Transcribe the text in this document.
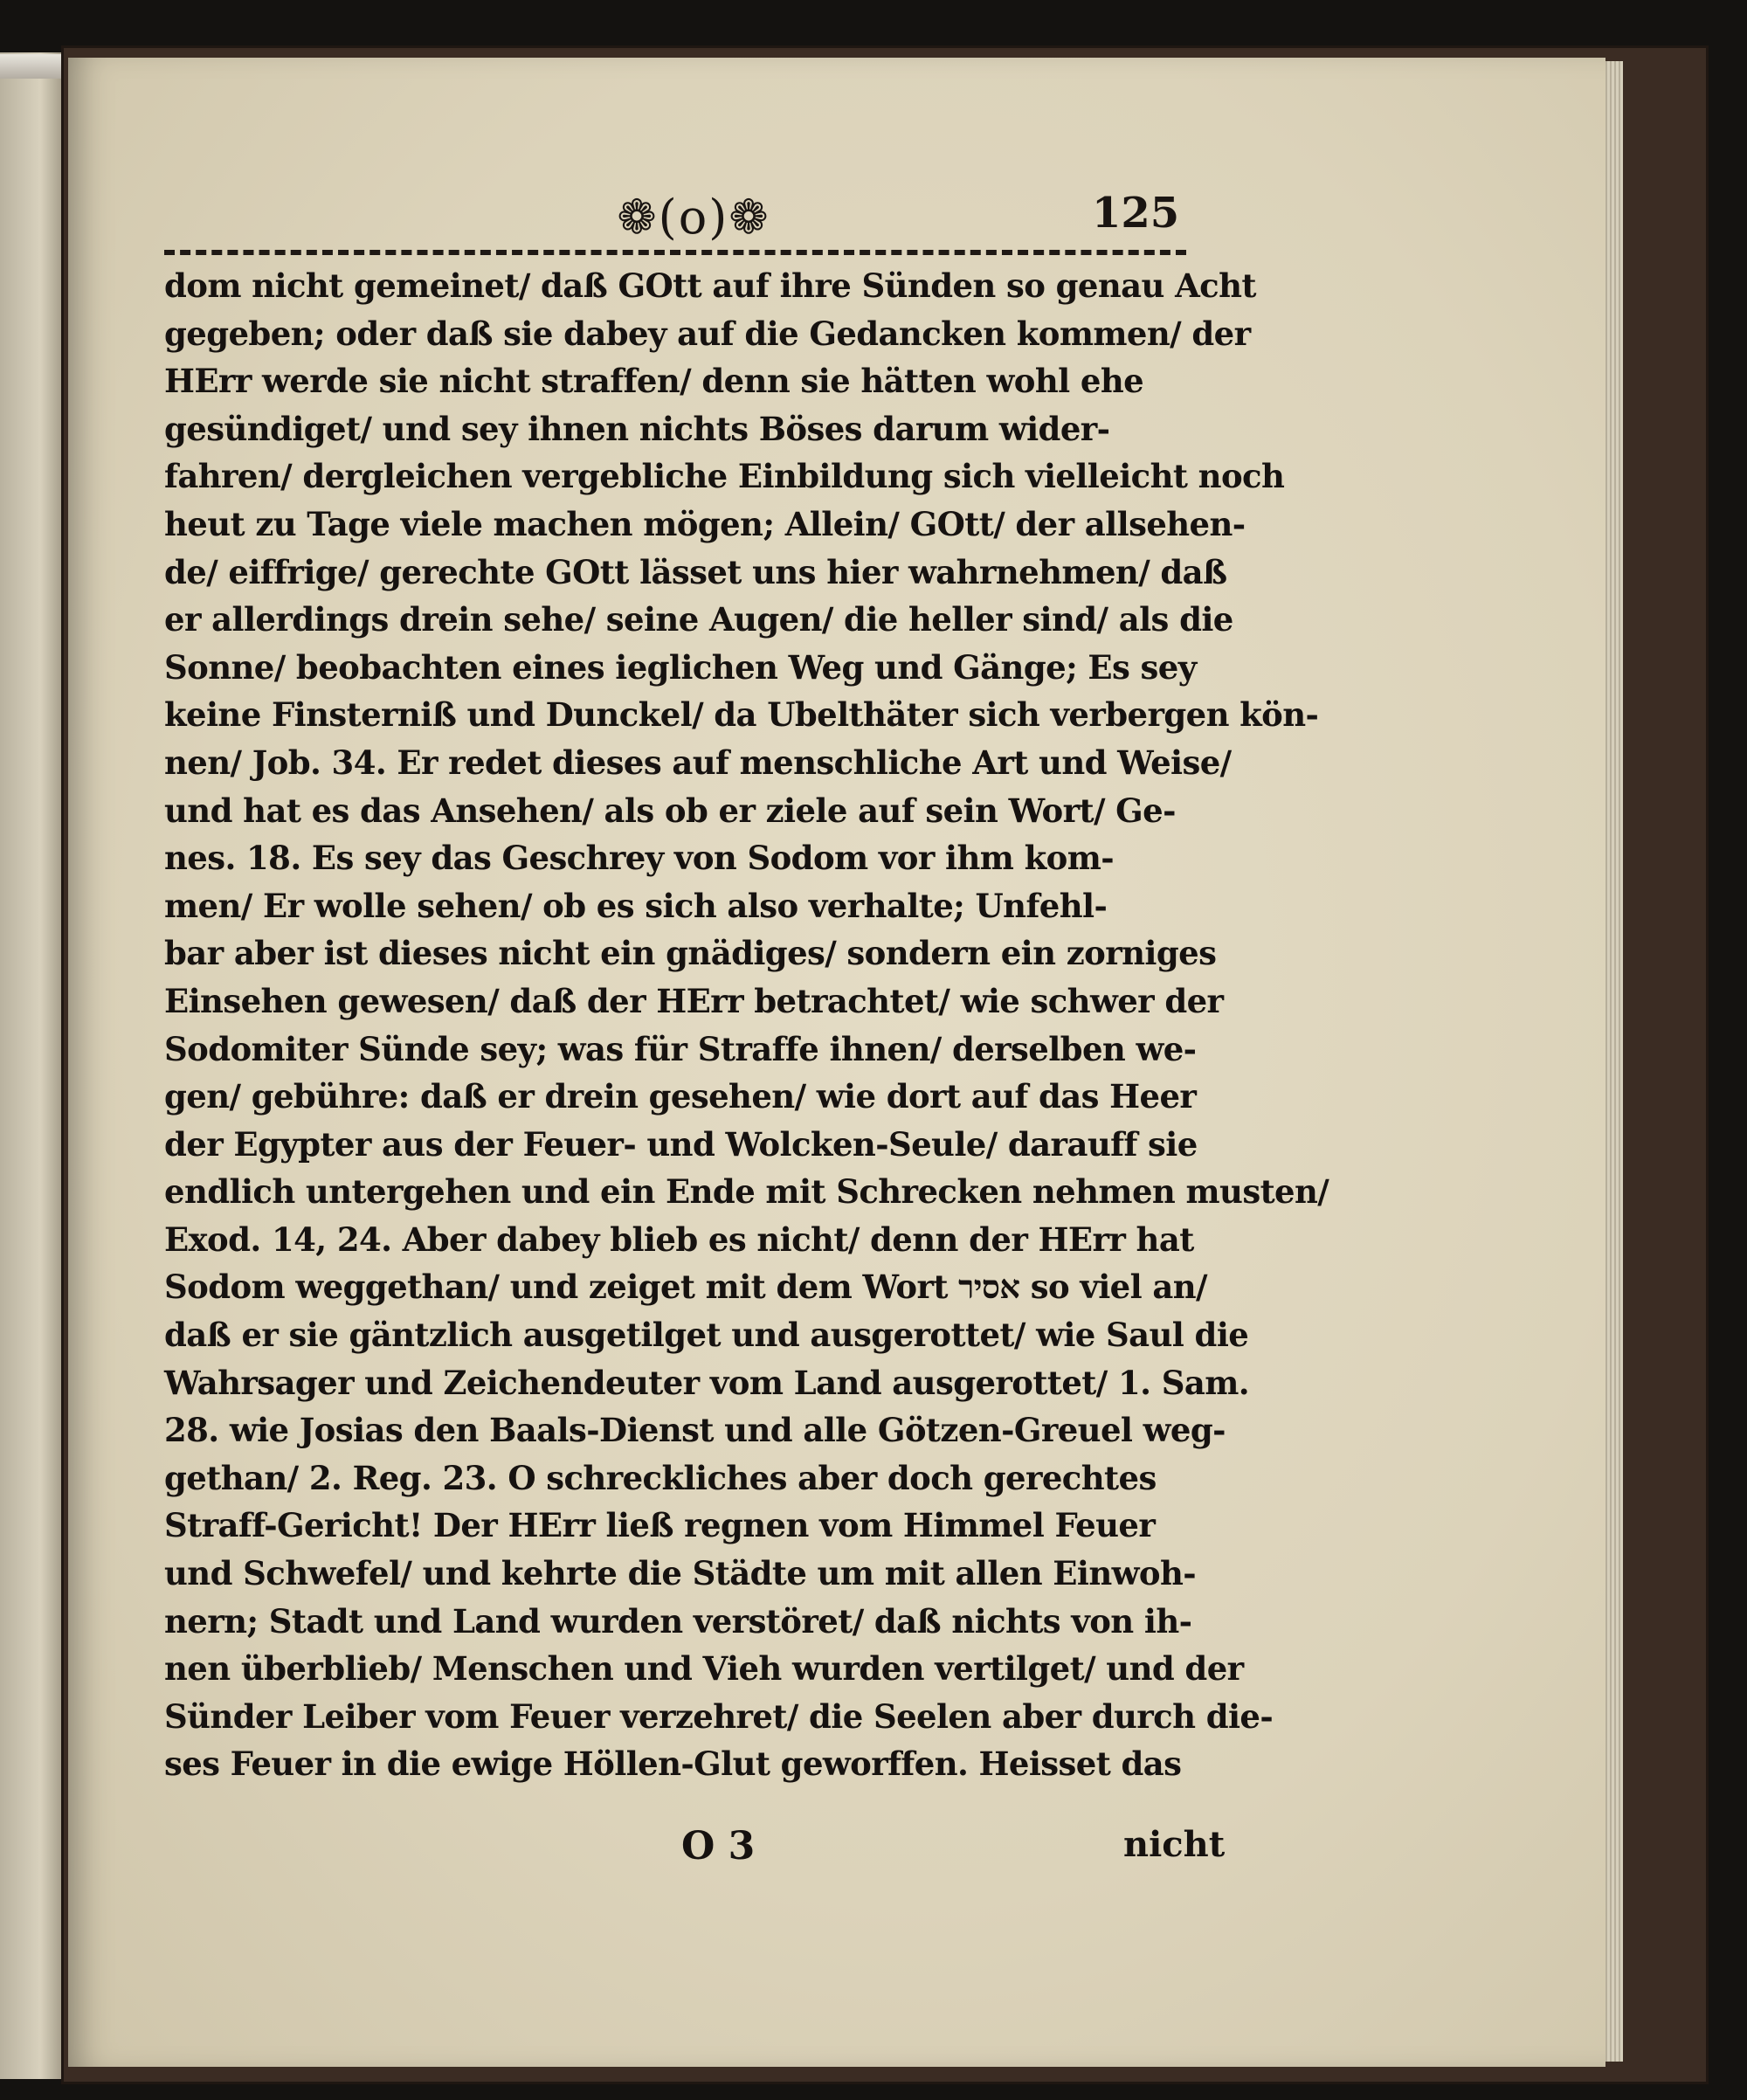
❁(o)❁	125
dom nicht gemeinet/ daß GOtt auf ihre Sünden so genau Acht
gegeben; oder daß sie dabey auf die Gedancken kommen/ der
HErr werde sie nicht straffen/ denn sie hätten wohl ehe
gesündiget/ und sey ihnen nichts Böses darum wider-
fahren/ dergleichen vergebliche Einbildung sich vielleicht noch
heut zu Tage viele machen mögen; Allein/ GOtt/ der allsehen-
de/ eiffrige/ gerechte GOtt lässet uns hier wahrnehmen/ daß
er allerdings drein sehe/ seine Augen/ die heller sind/ als die
Sonne/ beobachten eines ieglichen Weg und Gänge; Es sey
keine Finsterniß und Dunckel/ da Ubelthäter sich verbergen kön-
nen/ Job. 34. Er redet dieses auf menschliche Art und Weise/
und hat es das Ansehen/ als ob er ziele auf sein Wort/ Ge-
nes. 18. Es sey das Geschrey von Sodom vor ihm kom-
men/ Er wolle sehen/ ob es sich also verhalte; Unfehl-
bar aber ist dieses nicht ein gnädiges/ sondern ein zorniges
Einsehen gewesen/ daß der HErr betrachtet/ wie schwer der
Sodomiter Sünde sey; was für Straffe ihnen/ derselben we-
gen/ gebühre: daß er drein gesehen/ wie dort auf das Heer
der Egypter aus der Feuer- und Wolcken-Seule/ darauff sie
endlich untergehen und ein Ende mit Schrecken nehmen musten/
Exod. 14, 24. Aber dabey blieb es nicht/ denn der HErr hat
Sodom weggethan/ und zeiget mit dem Wort אסיר so viel an/
daß er sie gäntzlich ausgetilget und ausgerottet/ wie Saul die
Wahrsager und Zeichendeuter vom Land ausgerottet/ 1. Sam.
28. wie Josias den Baals-Dienst und alle Götzen-Greuel weg-
gethan/ 2. Reg. 23. O schreckliches aber doch gerechtes
Straff-Gericht! Der HErr ließ regnen vom Himmel Feuer
und Schwefel/ und kehrte die Städte um mit allen Einwoh-
nern; Stadt und Land wurden verstöret/ daß nichts von ih-
nen überblieb/ Menschen und Vieh wurden vertilget/ und der
Sünder Leiber vom Feuer verzehret/ die Seelen aber durch die-
ses Feuer in die ewige Höllen-Glut geworffen. Heisset das
O 3	nicht
